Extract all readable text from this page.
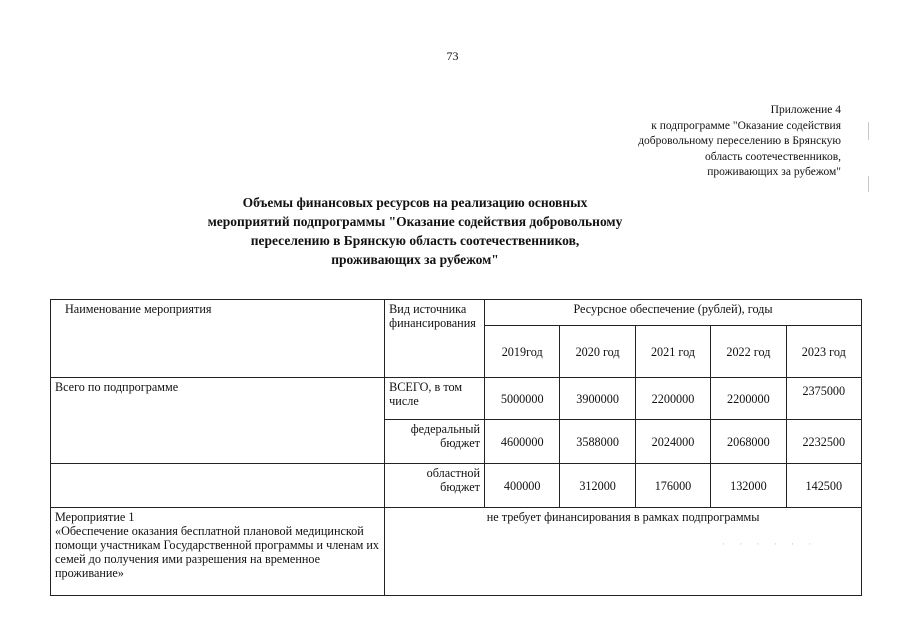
73
Приложение 4
к подпрограмме "Оказание содействия
добровольному переселению в Брянскую
область соотечественников,
проживающих за рубежом"
Объемы финансовых ресурсов на реализацию основных
мероприятий подпрограммы "Оказание содействия добровольному
переселению в Брянскую область соотечественников,
проживающих за рубежом"
Наименование мероприятия	Вид источника финансирования	Ресурсное обеспечение (рублей), годы				
		2019год	2020 год	2021 год	2022 год	2023 год
Всего по подпрограмме	ВСЕГО, в том числе	5000000	3900000	2200000	2200000	2375000
	федеральный бюджет	4600000	3588000	2024000	2068000	2232500
	областной бюджет	400000	312000	176000	132000	142500

Мероприятие 1
«Обеспечение оказания бесплатной плановой медицинской помощи участникам Государственной программы и членам их семей до получения ими разрешения на временное проживание»	не требует финансирования в рамках подпрограммы					
· · · · · ·
